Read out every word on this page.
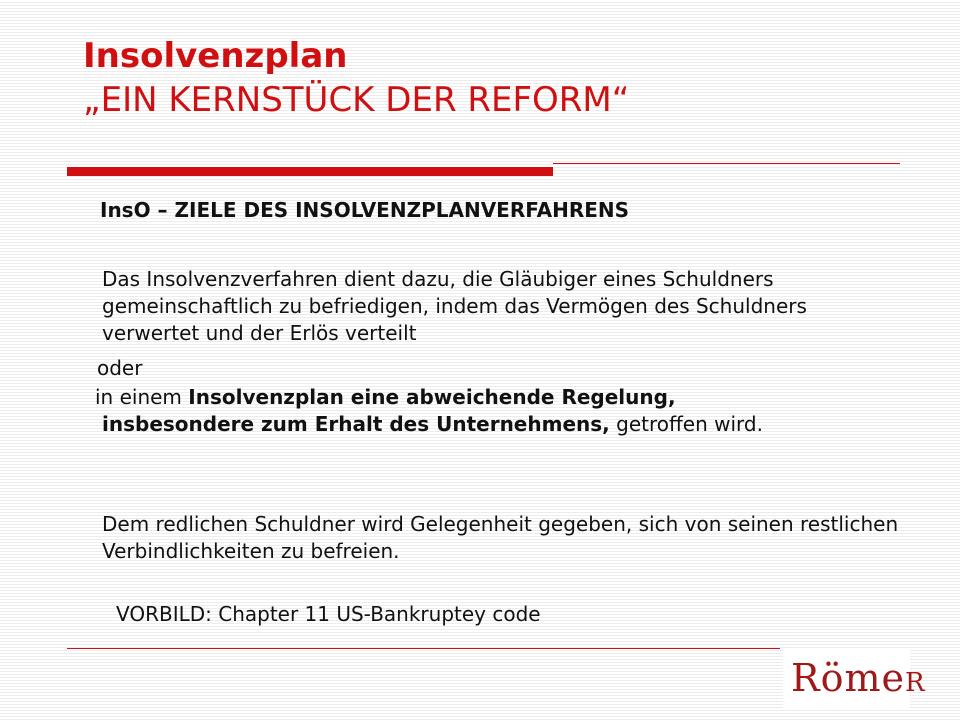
Insolvenzplan
„EIN KERNSTÜCK DER REFORM“

InsO – ZIELE DES INSOLVENZPLANVERFAHRENS

Das Insolvenzverfahren dient dazu, die Gläubiger eines Schuldners gemeinschaftlich zu befriedigen, indem das Vermögen des Schuldners verwertet und der Erlös verteilt

oder

in einem Insolvenzplan eine abweichende Regelung,
insbesondere zum Erhalt des Unternehmens, getroffen wird.

Dem redlichen Schuldner wird Gelegenheit gegeben, sich von seinen restlichen Verbindlichkeiten zu befreien.

VORBILD: Chapter 11 US-Bankruptey code

RömeR
